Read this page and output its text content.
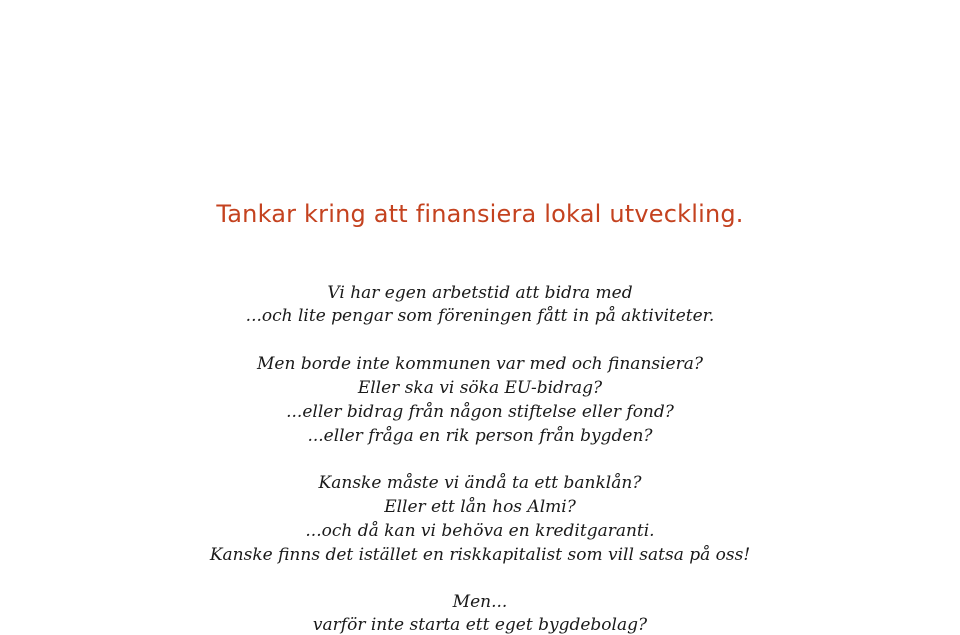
Tankar kring att finansiera lokal utveckling.
Vi har egen arbetstid att bidra med
...och lite pengar som föreningen fått in på aktiviteter.
Men borde inte kommunen var med och finansiera?
Eller ska vi söka EU-bidrag?
...eller bidrag från någon stiftelse eller fond?
...eller fråga en rik person från bygden?
Kanske måste vi ändå ta ett banklån?
Eller ett lån hos Almi?
...och då kan vi behöva en kreditgaranti.
Kanske finns det istället en riskkapitalist som vill satsa på oss!
Men...
varför inte starta ett eget bygdebolag?
